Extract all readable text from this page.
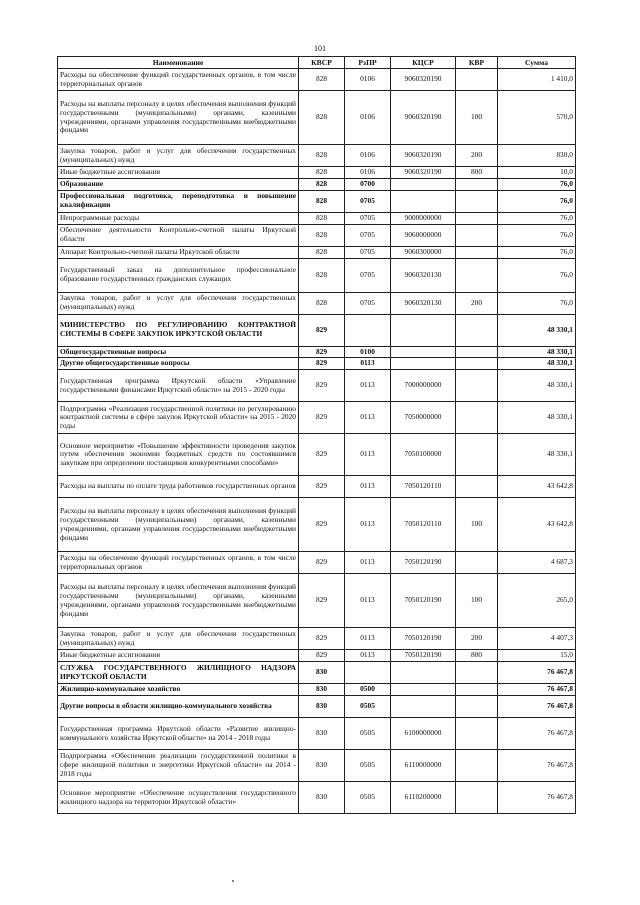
101
Наименование	КВСР	РзПР	КЦСР	КВР	Сумма
Расходы на обеспечение функций государственных органов, в том числе территориальных органов	828	0106	9060320190		1 410,0
Расходы на выплаты персоналу в целях обеспечения выполнения функций государственными (муниципальными) органами, казенными учреждениями, органами управления государственными внебюджетными фондами	828	0106	9060320190	100	570,0
Закупка товаров, работ и услуг для обеспечения государственных (муниципальных) нужд	828	0106	9060320190	200	830,0
Иные бюджетные ассигнования	828	0106	9060320190	800	10,0
Образование	828	0700			76,0
Профессиональная подготовка, переподготовка и повышение квалификации	828	0705			76,0
Непрограммные расходы	828	0705	9000000000		76,0
Обеспечение деятельности Контрольно-счетной палаты Иркутской области	828	0705	9060000000		76,0
Аппарат Контрольно-счетной палаты Иркутской области	828	0705	9060300000		76,0
Государственный заказ на дополнительное профессиональное образование государственных гражданских служащих	828	0705	9060320130		76,0
Закупка товаров, работ и услуг для обеспечения государственных (муниципальных) нужд	828	0705	9060320130	200	76,0
МИНИСТЕРСТВО ПО РЕГУЛИРОВАНИЮ КОНТРАКТНОЙ СИСТЕМЫ В СФЕРЕ ЗАКУПОК ИРКУТСКОЙ ОБЛАСТИ	829				48 330,1
Общегосударственные вопросы	829	0100			48 330,1
Другие общегосударственные вопросы	829	0113			48 330,1
Государственная программа Иркутской области «Управление государственными финансами Иркутской области» на 2015 - 2020 годы	829	0113	7000000000		48 330,1
Подпрограмма «Реализация государственной политики по регулированию контрактной системы в сфере закупок Иркутской области» на 2015 - 2020 годы	829	0113	7050000000		48 330,1
Основное мероприятие «Повышение эффективности проведения закупок путем обеспечения экономии бюджетных средств по состоявшимся закупкам при определении поставщиков конкурентными способами»	829	0113	7050100000		48 330,1
Расходы на выплаты по оплате труда работников государственных органов	829	0113	7050120110		43 642,8
Расходы на выплаты персоналу в целях обеспечения выполнения функций государственными (муниципальными) органами, казенными учреждениями, органами управления государственными внебюджетными фондами	829	0113	7050120110	100	43 642,8
Расходы на обеспечение функций государственных органов, в том числе территориальных органов	829	0113	7050120190		4 687,3
Расходы на выплаты персоналу в целях обеспечения выполнения функций государственными (муниципальными) органами, казенными учреждениями, органами управления государственными внебюджетными фондами	829	0113	7050120190	100	265,0
Закупка товаров, работ и услуг для обеспечения государственных (муниципальных) нужд	829	0113	7050120190	200	4 407,3
Иные бюджетные ассигнования	829	0113	7050120190	800	15,0
СЛУЖБА ГОСУДАРСТВЕННОГО ЖИЛИЩНОГО НАДЗОРА ИРКУТСКОЙ ОБЛАСТИ	830				76 467,8
Жилищно-коммунальное хозяйство	830	0500			76 467,8
Другие вопросы в области жилищно-коммунального хозяйства	830	0505			76 467,8
Государственная программа Иркутской области «Развитие жилищно-коммунального хозяйства Иркутской области» на 2014 - 2018 годы	830	0505	6100000000		76 467,8
Подпрограмма «Обеспечение реализации государственной политики в сфере жилищной политики и энергетики Иркутской области» на 2014 - 2018 годы	830	0505	6110000000		76 467,8
Основное мероприятие «Обеспечение осуществления государственного жилищного надзора на территории Иркутской области»	830	0505	6110200000		76 467,8
